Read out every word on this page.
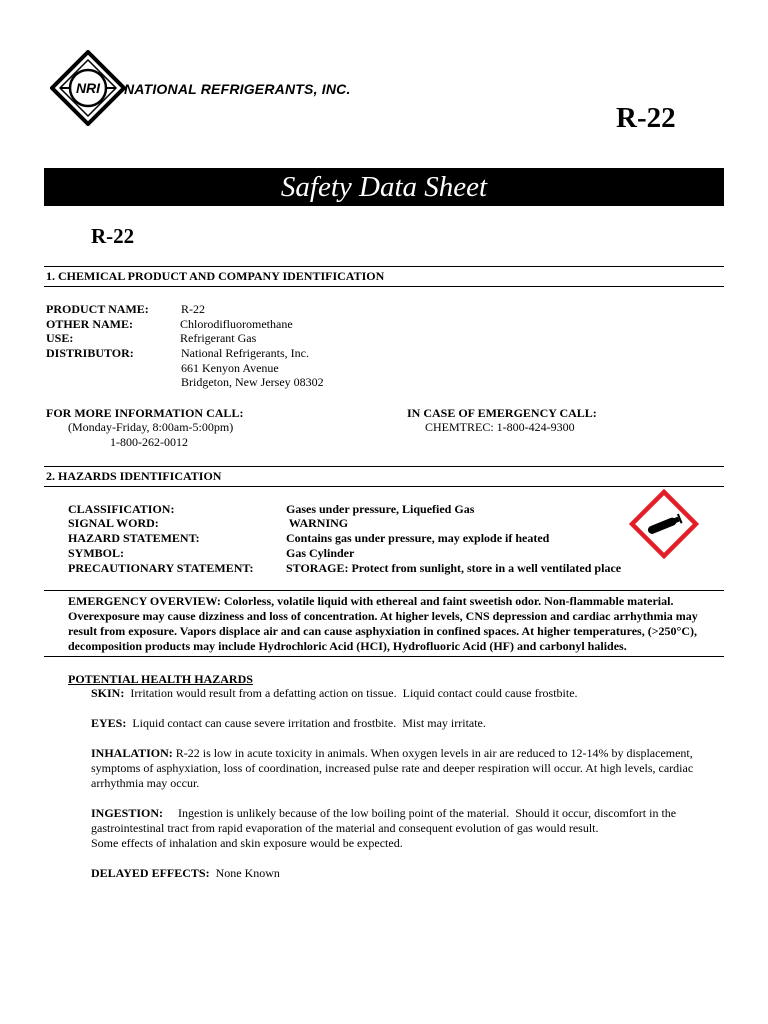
NRI NATIONAL REFRIGERANTS, INC.
R-22
Safety Data Sheet
R-22
1. CHEMICAL PRODUCT AND COMPANY IDENTIFICATION
PRODUCT NAME:	R-22
OTHER NAME:	Chlorodifluoromethane
USE:	Refrigerant Gas
DISTRIBUTOR:	National Refrigerants, Inc.
661 Kenyon Avenue
Bridgeton, New Jersey 08302
FOR MORE INFORMATION CALL:
(Monday-Friday, 8:00am-5:00pm)
1-800-262-0012
IN CASE OF EMERGENCY CALL:
CHEMTREC: 1-800-424-9300
2. HAZARDS IDENTIFICATION
CLASSIFICATION:	Gases under pressure, Liquefied Gas
SIGNAL WORD:	WARNING
HAZARD STATEMENT:	Contains gas under pressure, may explode if heated
SYMBOL:	Gas Cylinder
PRECAUTIONARY STATEMENT:	STORAGE: Protect from sunlight, store in a well ventilated place
EMERGENCY OVERVIEW: Colorless, volatile liquid with ethereal and faint sweetish odor. Non-flammable material. Overexposure may cause dizziness and loss of concentration. At higher levels, CNS depression and cardiac arrhythmia may result from exposure. Vapors displace air and can cause asphyxiation in confined spaces. At higher temperatures, (>250°C), decomposition products may include Hydrochloric Acid (HCI), Hydrofluoric Acid (HF) and carbonyl halides.
POTENTIAL HEALTH HAZARDS
SKIN:  Irritation would result from a defatting action on tissue.  Liquid contact could cause frostbite.
EYES:  Liquid contact can cause severe irritation and frostbite.  Mist may irritate.
INHALATION: R-22 is low in acute toxicity in animals. When oxygen levels in air are reduced to 12-14% by displacement, symptoms of asphyxiation, loss of coordination, increased pulse rate and deeper respiration will occur. At high levels, cardiac arrhythmia may occur.
INGESTION:     Ingestion is unlikely because of the low boiling point of the material.  Should it occur, discomfort in the gastrointestinal tract from rapid evaporation of the material and consequent evolution of gas would result.
Some effects of inhalation and skin exposure would be expected.
DELAYED EFFECTS:  None Known
